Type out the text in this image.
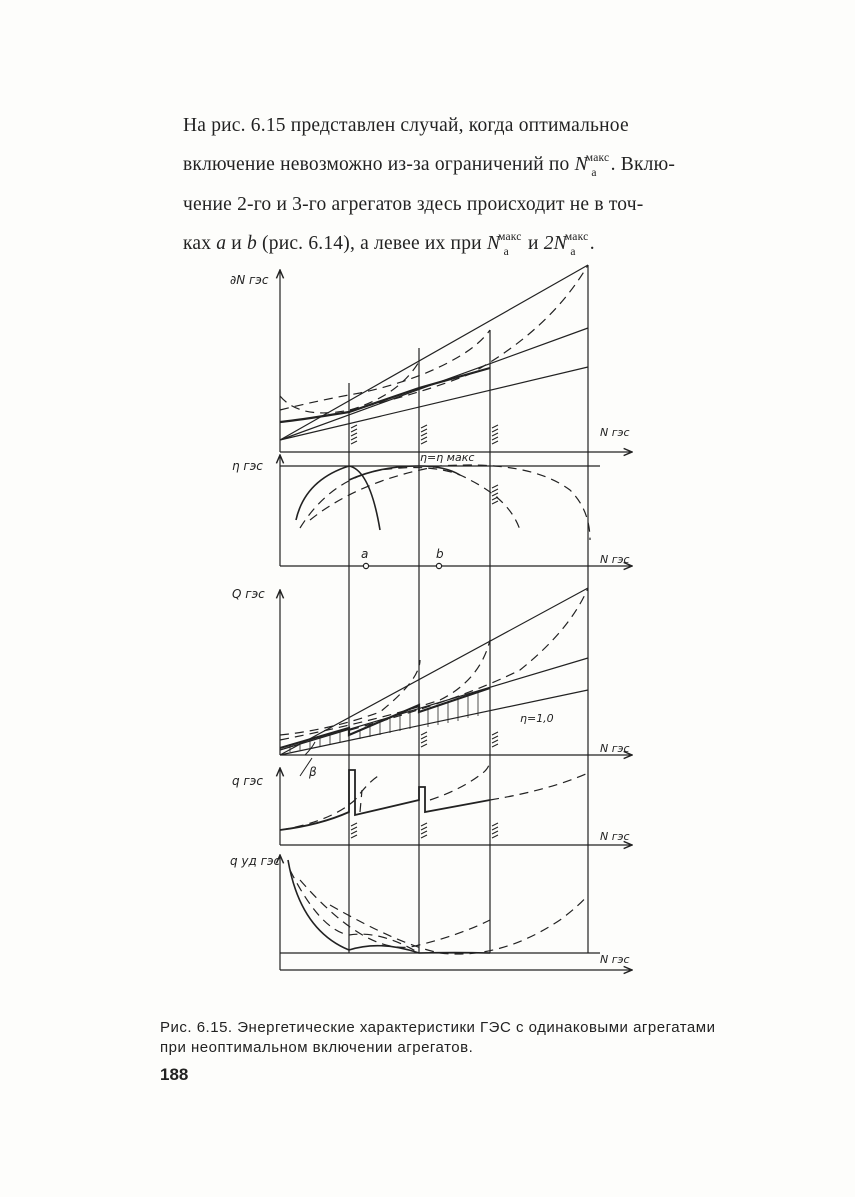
На рис. 6.15 представлен случай, когда оптимальное
включение невозможно из-за ограничений по $N^{макс}_а$ . Вклю-
чение 2-го и 3-го агрегатов здесь происходит не в точ-
ках a и b (рис. 6.14), а левее их при $N^{макс}_а$ и $2N^{макс}_а$ .
∂N гэс
N гэс
η гэс
η=η макс
a	b	N гэс
Q гэс
η=1,0
N гэс
β
q гэс
N гэс
q уд гэс
N гэс
Рис. 6.15. Энергетические характеристики ГЭС с одинаковыми агрегатами при неоптимальном включении агрегатов.
188
